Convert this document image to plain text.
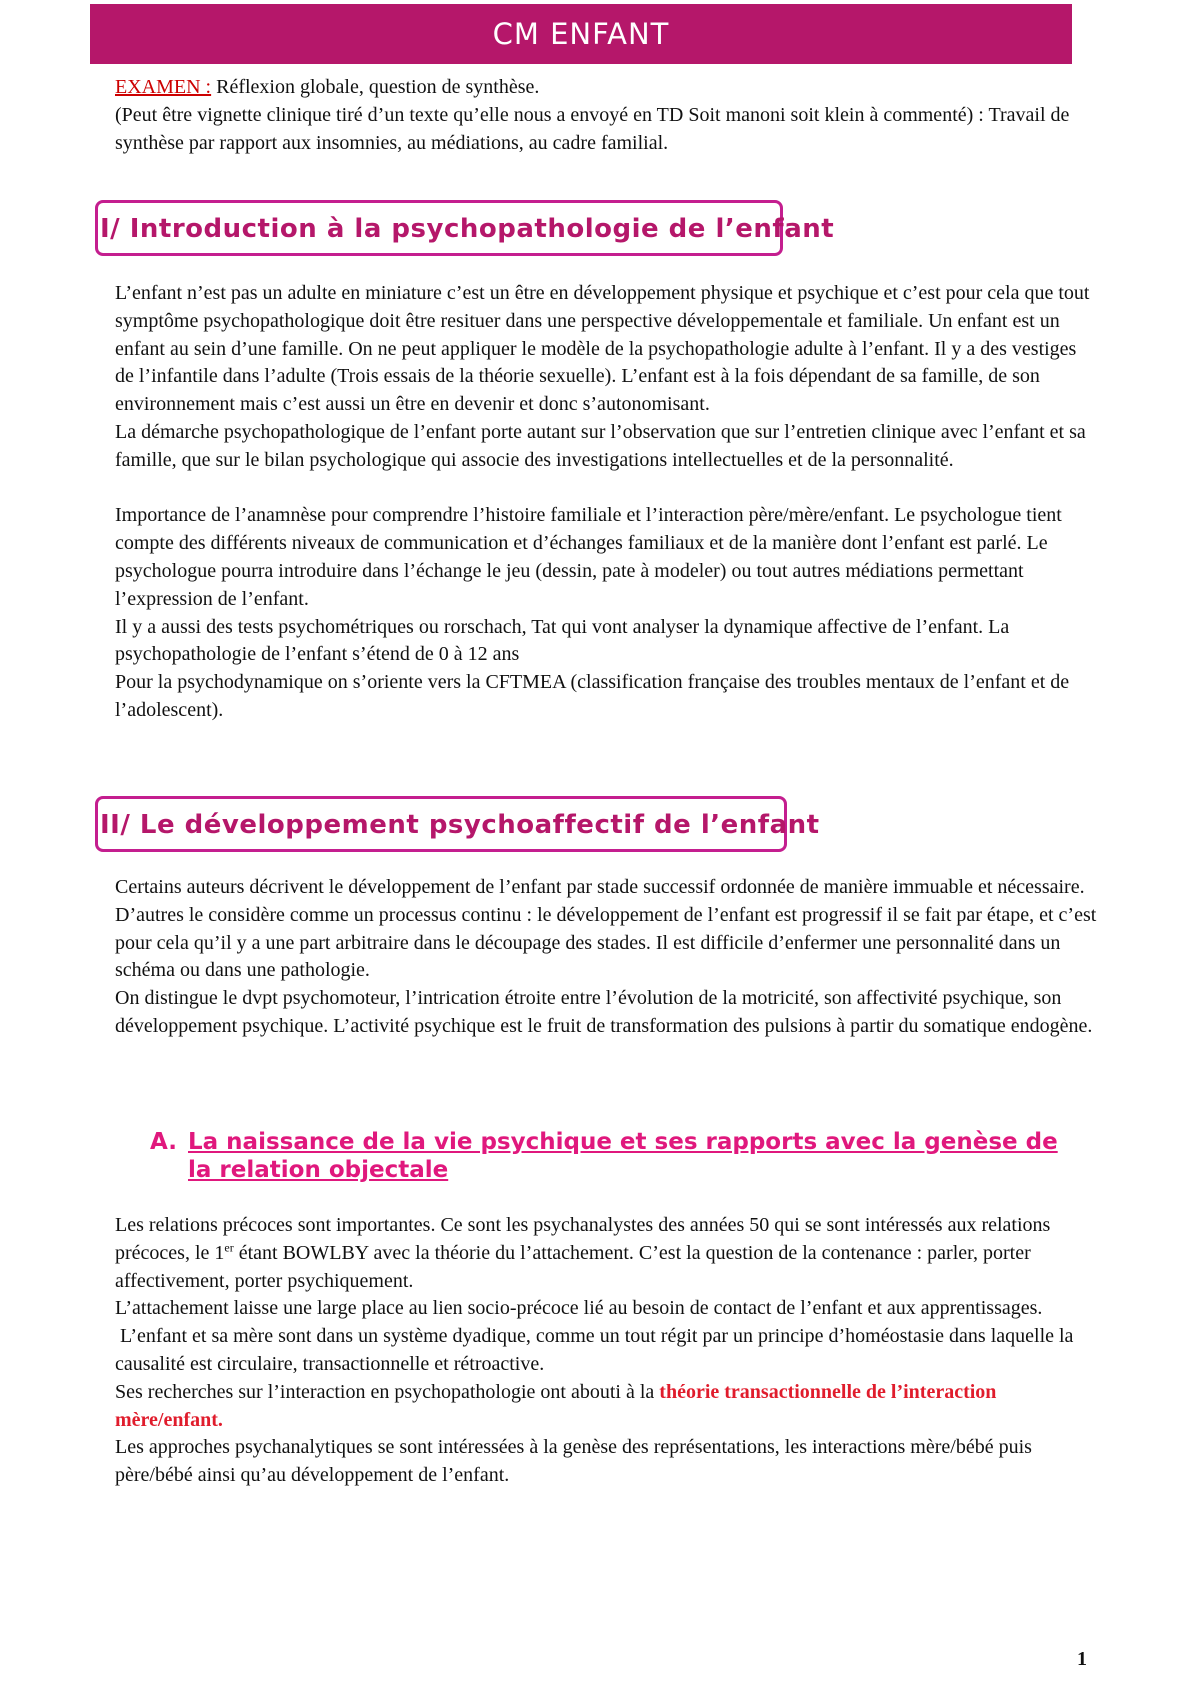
CM ENFANT

EXAMEN : Réflexion globale, question de synthèse.

(Peut être vignette clinique tiré d’un texte qu’elle nous a envoyé en TD Soit manoni soit klein à commenté) : Travail de synthèse par rapport aux insomnies, au médiations, au cadre familial.

I/ Introduction à la psychopathologie de l’enfant

L’enfant n’est pas un adulte en miniature c’est un être en développement physique et psychique et c’est pour cela que tout symptôme psychopathologique doit être resituer dans une perspective développementale et familiale. Un enfant est un enfant au sein d’une famille. On ne peut appliquer le modèle de la psychopathologie adulte à l’enfant. Il y a des vestiges de l’infantile dans l’adulte (Trois essais de la théorie sexuelle). L’enfant est à la fois dépendant de sa famille, de son environnement mais c’est aussi un être en devenir et donc s’autonomisant.

La démarche psychopathologique de l’enfant porte autant sur l’observation que sur l’entretien clinique avec l’enfant et sa famille, que sur le bilan psychologique qui associe des investigations intellectuelles et de la personnalité.

Importance de l’anamnèse pour comprendre l’histoire familiale et l’interaction père/mère/enfant. Le psychologue tient compte des différents niveaux de communication et d’échanges familiaux et de la manière dont l’enfant est parlé. Le psychologue pourra introduire dans l’échange le jeu (dessin, pate à modeler) ou tout autres médiations permettant l’expression de l’enfant.

Il y a aussi des tests psychométriques ou rorschach, Tat qui vont analyser la dynamique affective de l’enfant. La psychopathologie de l’enfant s’étend de 0 à 12 ans

Pour la psychodynamique on s’oriente vers la CFTMEA (classification française des troubles mentaux de l’enfant et de l’adolescent).

II/ Le développement psychoaffectif de l’enfant

Certains auteurs décrivent le développement de l’enfant par stade successif ordonnée de manière immuable et nécessaire. D’autres le considère comme un processus continu : le développement de l’enfant est progressif il se fait par étape, et c’est pour cela qu’il y a une part arbitraire dans le découpage des stades. Il est difficile d’enfermer une personnalité dans un schéma ou dans une pathologie.

On distingue le dvpt psychomoteur, l’intrication étroite entre l’évolution de la motricité, son affectivité psychique, son développement psychique. L’activité psychique est le fruit de transformation des pulsions à partir du somatique endogène.

A. La naissance de la vie psychique et ses rapports avec la genèse de la relation objectale

Les relations précoces sont importantes. Ce sont les psychanalystes des années 50 qui se sont intéressés aux relations précoces, le 1er étant BOWLBY avec la théorie du l’attachement. C’est la question de la contenance : parler, porter affectivement, porter psychiquement.

L’attachement laisse une large place au lien socio-précoce lié au besoin de contact de l’enfant et aux apprentissages.

L’enfant et sa mère sont dans un système dyadique, comme un tout régit par un principe d’homéostasie dans laquelle la causalité est circulaire, transactionnelle et rétroactive.

Ses recherches sur l’interaction en psychopathologie ont abouti à la théorie transactionnelle de l’interaction mère/enfant.

Les approches psychanalytiques se sont intéressées à la genèse des représentations, les interactions mère/bébé puis père/bébé ainsi qu’au développement de l’enfant.

1
